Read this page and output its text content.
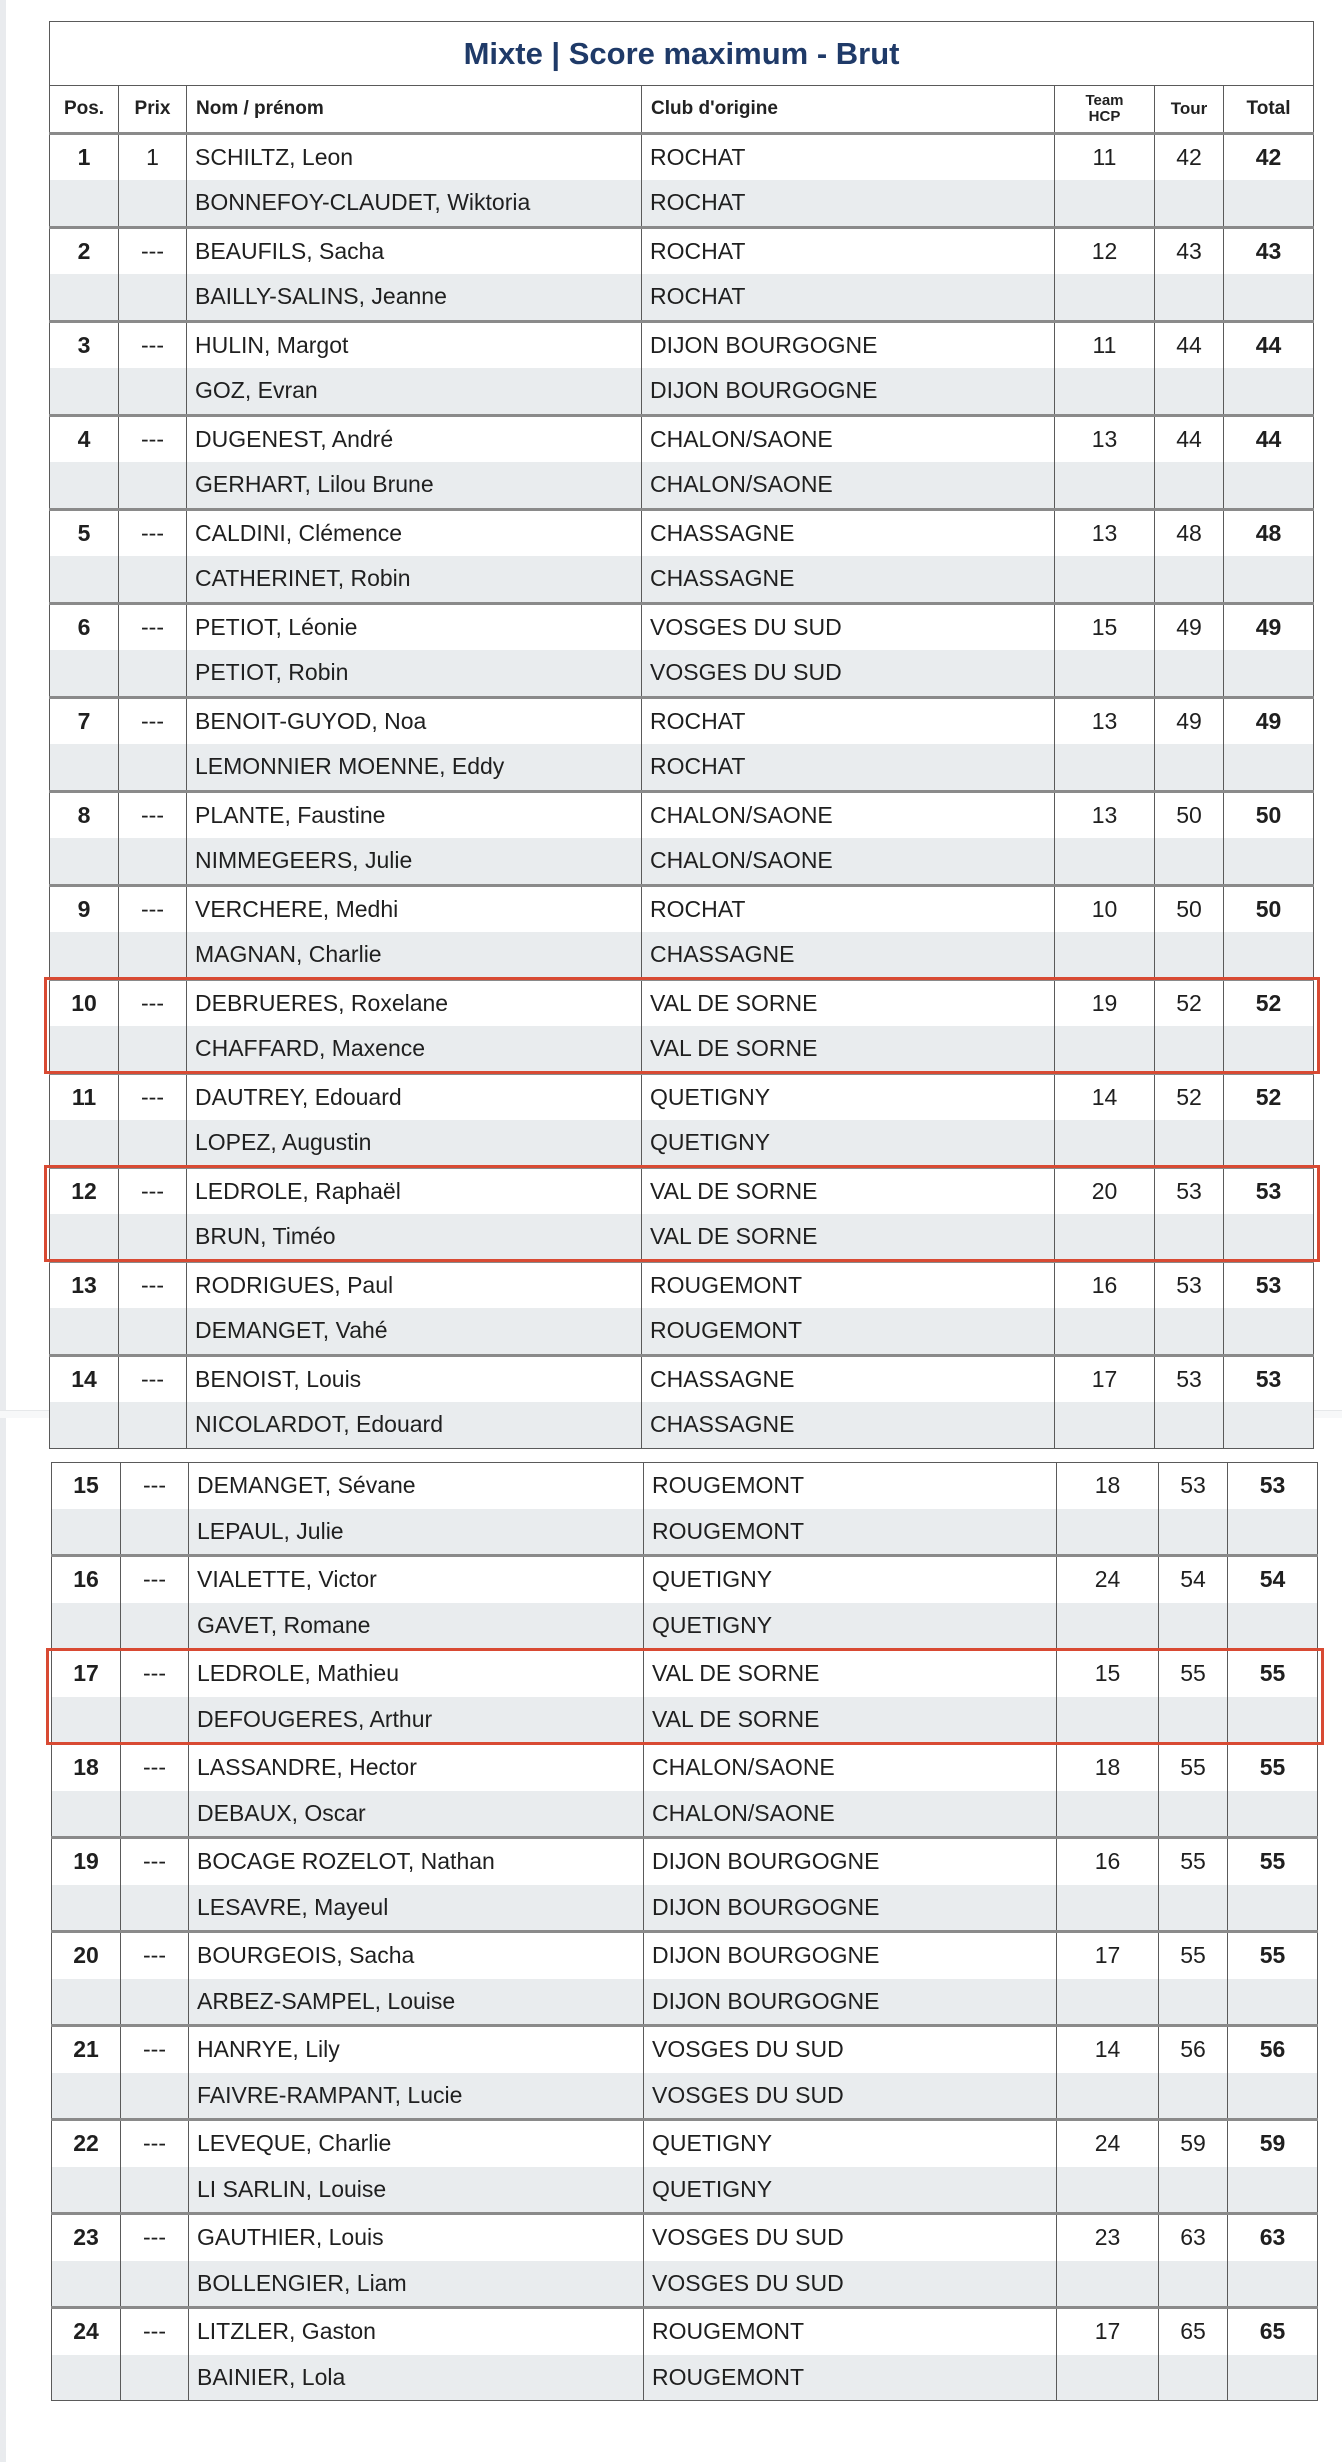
Mixte | Score maximum - Brut						
Pos.	Prix	Nom / prénom	Club d'origine	Team HCP	Tour	Total
1	1	SCHILTZ, Leon	ROCHAT	11	42	42
		BONNEFOY-CLAUDET, Wiktoria	ROCHAT			
2	---	BEAUFILS, Sacha	ROCHAT	12	43	43
		BAILLY-SALINS, Jeanne	ROCHAT			
3	---	HULIN, Margot	DIJON BOURGOGNE	11	44	44
		GOZ, Evran	DIJON BOURGOGNE			
4	---	DUGENEST, André	CHALON/SAONE	13	44	44
		GERHART, Lilou Brune	CHALON/SAONE			
5	---	CALDINI, Clémence	CHASSAGNE	13	48	48
		CATHERINET, Robin	CHASSAGNE			
6	---	PETIOT, Léonie	VOSGES DU SUD	15	49	49
		PETIOT, Robin	VOSGES DU SUD			
7	---	BENOIT-GUYOD, Noa	ROCHAT	13	49	49
		LEMONNIER MOENNE, Eddy	ROCHAT			
8	---	PLANTE, Faustine	CHALON/SAONE	13	50	50
		NIMMEGEERS, Julie	CHALON/SAONE			
9	---	VERCHERE, Medhi	ROCHAT	10	50	50
		MAGNAN, Charlie	CHASSAGNE			
10	---	DEBRUERES, Roxelane	VAL DE SORNE	19	52	52
		CHAFFARD, Maxence	VAL DE SORNE			
11	---	DAUTREY, Edouard	QUETIGNY	14	52	52
		LOPEZ, Augustin	QUETIGNY			
12	---	LEDROLE, Raphaël	VAL DE SORNE	20	53	53
		BRUN, Timéo	VAL DE SORNE			
13	---	RODRIGUES, Paul	ROUGEMONT	16	53	53
		DEMANGET, Vahé	ROUGEMONT			
14	---	BENOIST, Louis	CHASSAGNE	17	53	53
		NICOLARDOT, Edouard	CHASSAGNE			
15	---	DEMANGET, Sévane	ROUGEMONT	18	53	53
		LEPAUL, Julie	ROUGEMONT			
16	---	VIALETTE, Victor	QUETIGNY	24	54	54
		GAVET, Romane	QUETIGNY			
17	---	LEDROLE, Mathieu	VAL DE SORNE	15	55	55
		DEFOUGERES, Arthur	VAL DE SORNE			
18	---	LASSANDRE, Hector	CHALON/SAONE	18	55	55
		DEBAUX, Oscar	CHALON/SAONE			
19	---	BOCAGE ROZELOT, Nathan	DIJON BOURGOGNE	16	55	55
		LESAVRE, Mayeul	DIJON BOURGOGNE			
20	---	BOURGEOIS, Sacha	DIJON BOURGOGNE	17	55	55
		ARBEZ-SAMPEL, Louise	DIJON BOURGOGNE			
21	---	HANRYE, Lily	VOSGES DU SUD	14	56	56
		FAIVRE-RAMPANT, Lucie	VOSGES DU SUD			
22	---	LEVEQUE, Charlie	QUETIGNY	24	59	59
		LI SARLIN, Louise	QUETIGNY			
23	---	GAUTHIER, Louis	VOSGES DU SUD	23	63	63
		BOLLENGIER, Liam	VOSGES DU SUD			
24	---	LITZLER, Gaston	ROUGEMONT	17	65	65
		BAINIER, Lola	ROUGEMONT			
